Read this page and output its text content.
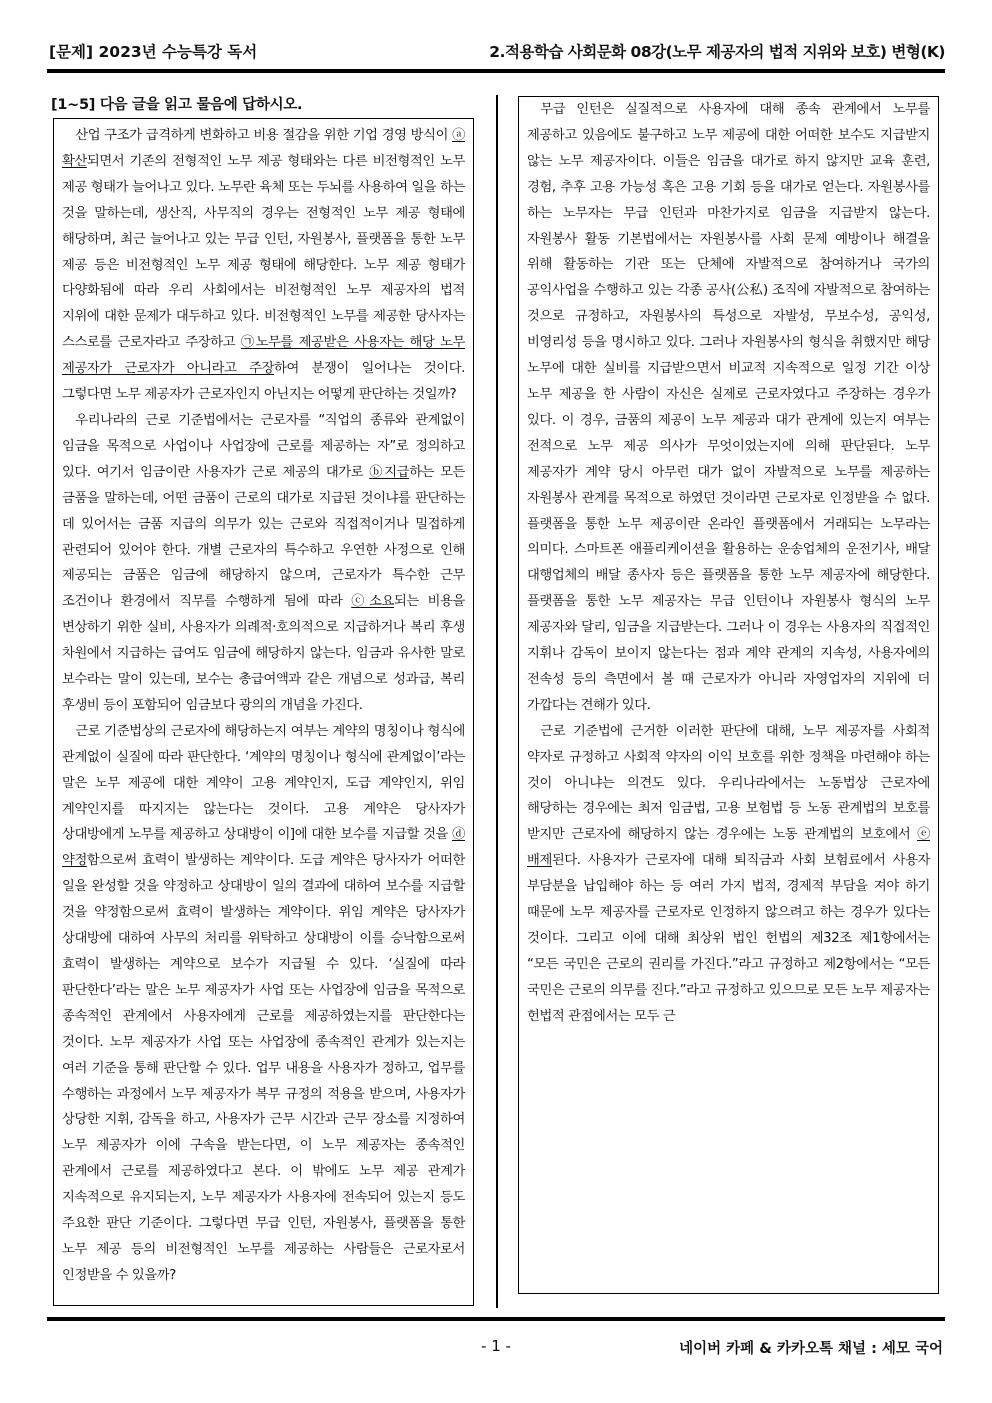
[문제] 2023년 수능특강 독서	2.적용학습 사회문화 08강(노무 제공자의 법적 지위와 보호) 변형(K)
[1~5] 다음 글을 읽고 물음에 답하시오.

산업 구조가 급격하게 변화하고 비용 절감을 위한 기업 경영 방식이 ⓐ확산되면서 기존의 전형적인 노무 제공 형태와는 다른 비전형적인 노무 제공 형태가 늘어나고 있다. 노무란 육체 또는 두뇌를 사용하여 일을 하는 것을 말하는데, 생산직, 사무직의 경우는 전형적인 노무 제공 형태에 해당하며, 최근 늘어나고 있는 무급 인턴, 자원봉사, 플랫폼을 통한 노무 제공 등은 비전형적인 노무 제공 형태에 해당한다. 노무 제공 형태가 다양화됨에 따라 우리 사회에서는 비전형적인 노무 제공자의 법적 지위에 대한 문제가 대두하고 있다. 비전형적인 노무를 제공한 당사자는 스스로를 근로자라고 주장하고 ㉠노무를 제공받은 사용자는 해당 노무 제공자가 근로자가 아니라고 주장하여 분쟁이 일어나는 것이다. 그렇다면 노무 제공자가 근로자인지 아닌지는 어떻게 판단하는 것일까?

우리나라의 근로 기준법에서는 근로자를 “직업의 종류와 관계없이 임금을 목적으로 사업이나 사업장에 근로를 제공하는 자”로 정의하고 있다. 여기서 임금이란 사용자가 근로 제공의 대가로 ⓑ지급하는 모든 금품을 말하는데, 어떤 금품이 근로의 대가로 지급된 것이냐를 판단하는 데 있어서는 금품 지급의 의무가 있는 근로와 직접적이거나 밀접하게 관련되어 있어야 한다. 개별 근로자의 특수하고 우연한 사정으로 인해 제공되는 금품은 임금에 해당하지 않으며, 근로자가 특수한 근무 조건이나 환경에서 직무를 수행하게 됨에 따라 ⓒ소요되는 비용을 변상하기 위한 실비, 사용자가 의례적·호의적으로 지급하거나 복리 후생 차원에서 지급하는 급여도 임금에 해당하지 않는다. 임금과 유사한 말로 보수라는 말이 있는데, 보수는 총급여액과 같은 개념으로 성과급, 복리 후생비 등이 포함되어 임금보다 광의의 개념을 가진다.

근로 기준법상의 근로자에 해당하는지 여부는 계약의 명칭이나 형식에 관계없이 실질에 따라 판단한다. ‘계약의 명칭이나 형식에 관계없이’라는 말은 노무 제공에 대한 계약이 고용 계약인지, 도급 계약인지, 위임 계약인지를 따지지는 않는다는 것이다. 고용 계약은 당사자가 상대방에게 노무를 제공하고 상대방이 이]에 대한 보수를 지급할 것을 ⓓ약정함으로써 효력이 발생하는 계약이다. 도급 계약은 당사자가 어떠한 일을 완성할 것을 약정하고 상대방이 일의 결과에 대하여 보수를 지급할 것을 약정함으로써 효력이 발생하는 계약이다. 위임 계약은 당사자가 상대방에 대하여 사무의 처리를 위탁하고 상대방이 이를 승낙함으로써 효력이 발생하는 계약으로 보수가 지급될 수 있다. ‘실질에 따라 판단한다’라는 말은 노무 제공자가 사업 또는 사업장에 임금을 목적으로 종속적인 관계에서 사용자에게 근로를 제공하였는지를 판단한다는 것이다. 노무 제공자가 사업 또는 사업장에 종속적인 관계가 있는지는 여러 기준을 통해 판단할 수 있다. 업무 내용을 사용자가 정하고, 업무를 수행하는 과정에서 노무 제공자가 복무 규정의 적용을 받으며, 사용자가 상당한 지휘, 감독을 하고, 사용자가 근무 시간과 근무 장소를 지정하여 노무 제공자가 이에 구속을 받는다면, 이 노무 제공자는 종속적인 관계에서 근로를 제공하였다고 본다. 이 밖에도 노무 제공 관계가 지속적으로 유지되는지, 노무 제공자가 사용자에 전속되어 있는지 등도 주요한 판단 기준이다. 그렇다면 무급 인턴, 자원봉사, 플랫폼을 통한 노무 제공 등의 비전형적인 노무를 제공하는 사람들은 근로자로서 인정받을 수 있을까?

무급 인턴은 실질적으로 사용자에 대해 종속 관계에서 노무를 제공하고 있음에도 불구하고 노무 제공에 대한 어떠한 보수도 지급받지 않는 노무 제공자이다. 이들은 임금을 대가로 하지 않지만 교육 훈련, 경험, 추후 고용 가능성 혹은 고용 기회 등을 대가로 얻는다. 자원봉사를 하는 노무자는 무급 인턴과 마찬가지로 임금을 지급받지 않는다. 자원봉사 활동 기본법에서는 자원봉사를 사회 문제 예방이나 해결을 위해 활동하는 기관 또는 단체에 자발적으로 참여하거나 국가의 공익사업을 수행하고 있는 각종 공사(公私) 조직에 자발적으로 참여하는 것으로 규정하고, 자원봉사의 특성으로 자발성, 무보수성, 공익성, 비영리성 등을 명시하고 있다. 그러나 자원봉사의 형식을 취했지만 해당 노무에 대한 실비를 지급받으면서 비교적 지속적으로 일정 기간 이상 노무 제공을 한 사람이 자신은 실제로 근로자였다고 주장하는 경우가 있다. 이 경우, 금품의 제공이 노무 제공과 대가 관계에 있는지 여부는 전적으로 노무 제공 의사가 무엇이었는지에 의해 판단된다. 노무 제공자가 계약 당시 아무런 대가 없이 자발적으로 노무를 제공하는 자원봉사 관계를 목적으로 하였던 것이라면 근로자로 인정받을 수 없다. 플랫폼을 통한 노무 제공이란 온라인 플랫폼에서 거래되는 노무라는 의미다. 스마트폰 애플리케이션을 활용하는 운송업체의 운전기사, 배달 대행업체의 배달 종사자 등은 플랫폼을 통한 노무 제공자에 해당한다. 플랫폼을 통한 노무 제공자는 무급 인턴이나 자원봉사 형식의 노무 제공자와 달리, 임금을 지급받는다. 그러나 이 경우는 사용자의 직접적인 지휘나 감독이 보이지 않는다는 점과 계약 관계의 지속성, 사용자에의 전속성 등의 측면에서 볼 때 근로자가 아니라 자영업자의 지위에 더 가깝다는 견해가 있다.

근로 기준법에 근거한 이러한 판단에 대해, 노무 제공자를 사회적 약자로 규정하고 사회적 약자의 이익 보호를 위한 정책을 마련해야 하는 것이 아니냐는 의견도 있다. 우리나라에서는 노동법상 근로자에 해당하는 경우에는 최저 임금법, 고용 보험법 등 노동 관계법의 보호를 받지만 근로자에 해당하지 않는 경우에는 노동 관계법의 보호에서 ⓔ배제된다. 사용자가 근로자에 대해 퇴직금과 사회 보험료에서 사용자 부담분을 납입해야 하는 등 여러 가지 법적, 경제적 부담을 져야 하기 때문에 노무 제공자를 근로자로 인정하지 않으려고 하는 경우가 있다는 것이다. 그리고 이에 대해 최상위 법인 헌법의 제32조 제1항에서는 “모든 국민은 근로의 권리를 가진다.”라고 규정하고 제2항에서는 “모든 국민은 근로의 의무를 진다.”라고 규정하고 있으므로 모든 노무 제공자는 헌법적 관점에서는 모두 근

- 1 -	네이버 카페 & 카카오톡 채널 : 세모 국어
